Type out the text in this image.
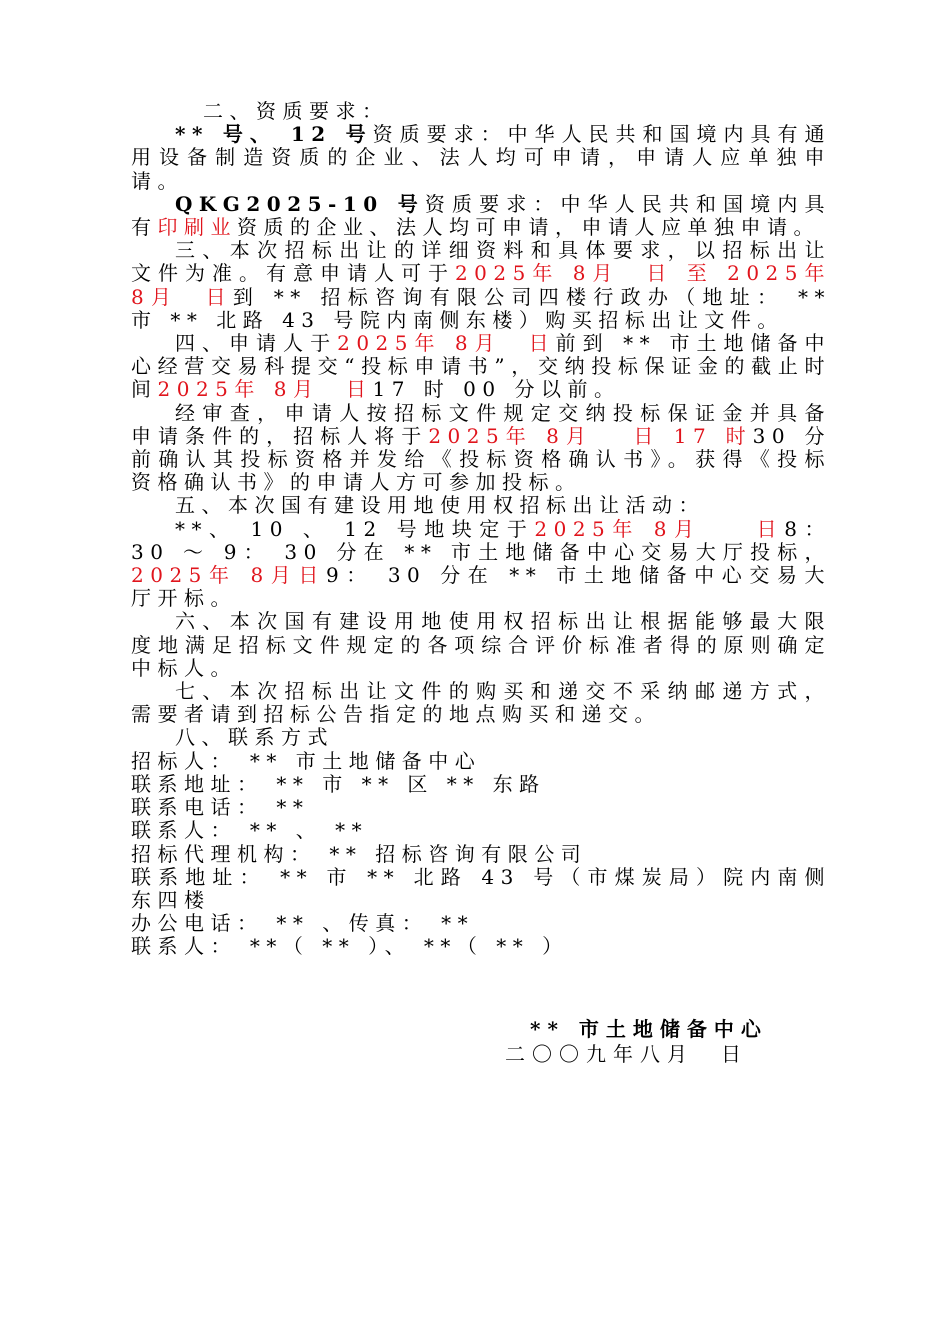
二、资质要求：

** 号、 12 号资质要求：中华人民共和国境内具有通用设备制造资质的企业、法人均可申请，申请人应单独申请。

QKG2025-10 号资质要求：中华人民共和国境内具有印刷业资质的企业、法人均可申请，申请人应单独申请。

三、本次招标出让的详细资料和具体要求，以招标出让文件为准。有意申请人可于2025年 8月　日 至 2025年 8月　日到 ** 招标咨询有限公司四楼行政办（地址： ** 市 ** 北路 43 号院内南侧东楼）购买招标出让文件。

四、申请人于2025年 8月　日前到 ** 市土地储备中心经营交易科提交“投标申请书”，交纳投标保证金的截止时间2025年 8月　日17 时 00 分以前。

经审查，申请人按招标文件规定交纳投标保证金并具备申请条件的，招标人将于2025年 8月　 日 17 时30 分前确认其投标资格并发给《投标资格确认书》。获得《投标资格确认书》的申请人方可参加投标。

五、本次国有建设用地使用权招标出让活动：

**、 10 、 12 号地块定于2025年 8月　　日8： 30 ～ 9： 30 分在 ** 市土地储备中心交易大厅投标，2025年 8月日9： 30 分在 ** 市土地储备中心交易大厅开标。

六、本次国有建设用地使用权招标出让根据能够最大限度地满足招标文件规定的各项综合评价标准者得的原则确定中标人。

七、本次招标出让文件的购买和递交不采纳邮递方式，需要者请到招标公告指定的地点购买和递交。

八、联系方式

招标人： ** 市土地储备中心

联系地址： ** 市 ** 区 ** 东路

联系电话： **

联系人： ** 、 **

招标代理机构： ** 招标咨询有限公司

联系地址： ** 市 ** 北路 43 号（市煤炭局）院内南侧东四楼

办公电话： ** 、传真： **

联系人： **（ ** ）、 **（ ** ）

** 市土地储备中心
二〇〇九年八月　日
